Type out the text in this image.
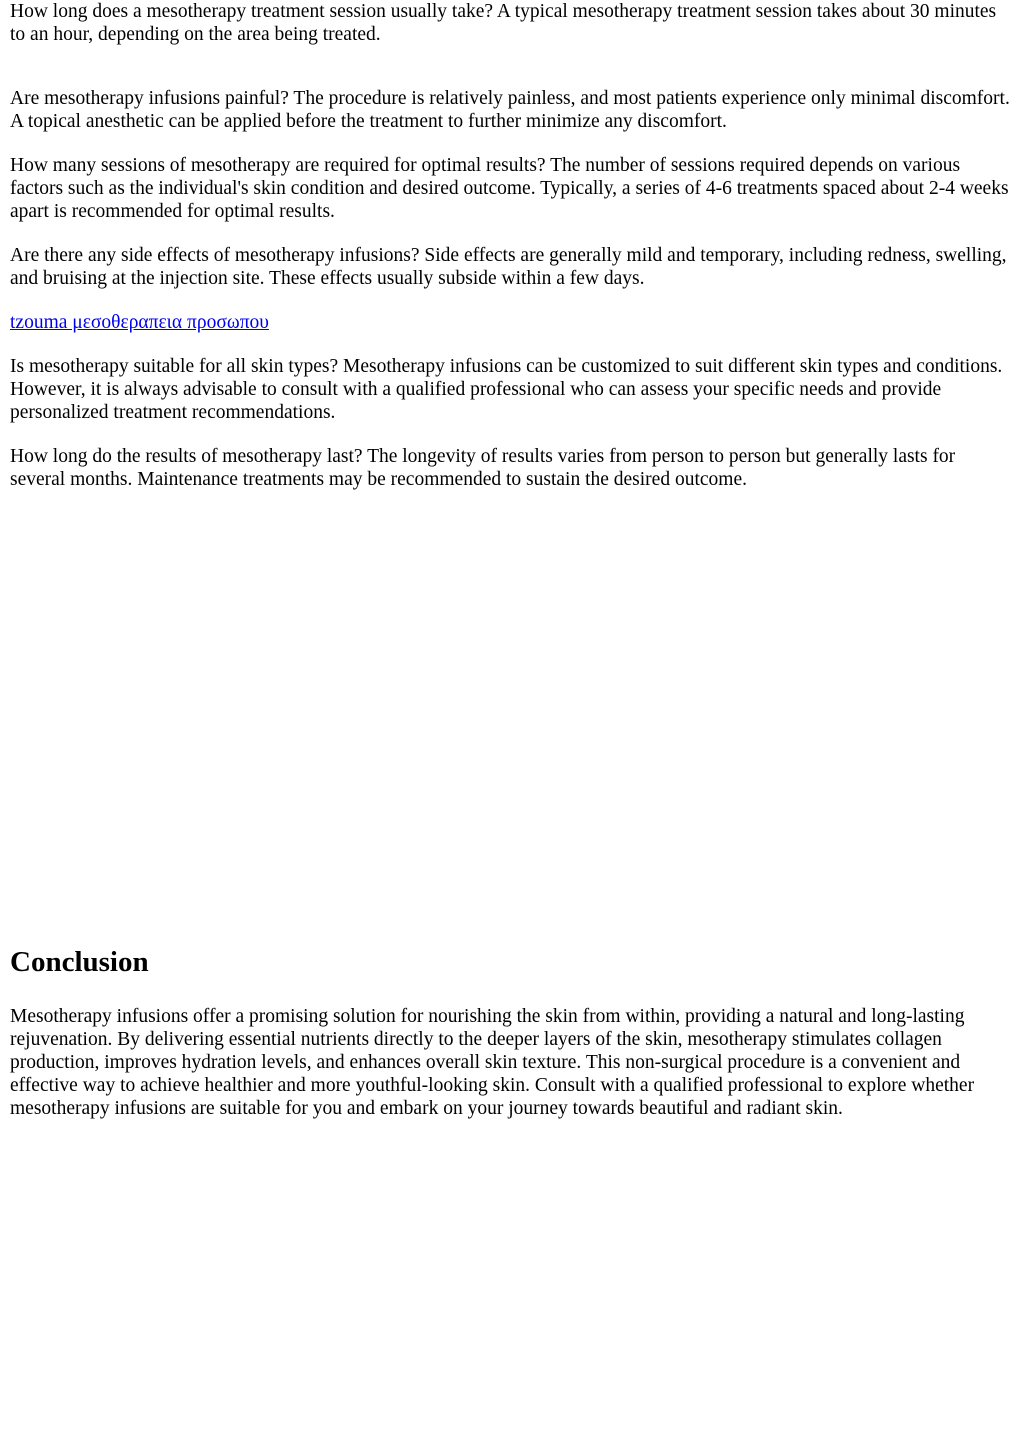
How long does a mesotherapy treatment session usually take? A typical mesotherapy treatment session takes about 30 minutes to an hour, depending on the area being treated.

Are mesotherapy infusions painful? The procedure is relatively painless, and most patients experience only minimal discomfort. A topical anesthetic can be applied before the treatment to further minimize any discomfort.

How many sessions of mesotherapy are required for optimal results? The number of sessions required depends on various factors such as the individual's skin condition and desired outcome. Typically, a series of 4-6 treatments spaced about 2-4 weeks apart is recommended for optimal results.

Are there any side effects of mesotherapy infusions? Side effects are generally mild and temporary, including redness, swelling, and bruising at the injection site. These effects usually subside within a few days.

tzouma μεσοθεραπεια προσωπου

Is mesotherapy suitable for all skin types? Mesotherapy infusions can be customized to suit different skin types and conditions. However, it is always advisable to consult with a qualified professional who can assess your specific needs and provide personalized treatment recommendations.

How long do the results of mesotherapy last? The longevity of results varies from person to person but generally lasts for several months. Maintenance treatments may be recommended to sustain the desired outcome.

Conclusion

Mesotherapy infusions offer a promising solution for nourishing the skin from within, providing a natural and long-lasting rejuvenation. By delivering essential nutrients directly to the deeper layers of the skin, mesotherapy stimulates collagen production, improves hydration levels, and enhances overall skin texture. This non-surgical procedure is a convenient and effective way to achieve healthier and more youthful-looking skin. Consult with a qualified professional to explore whether mesotherapy infusions are suitable for you and embark on your journey towards beautiful and radiant skin.
